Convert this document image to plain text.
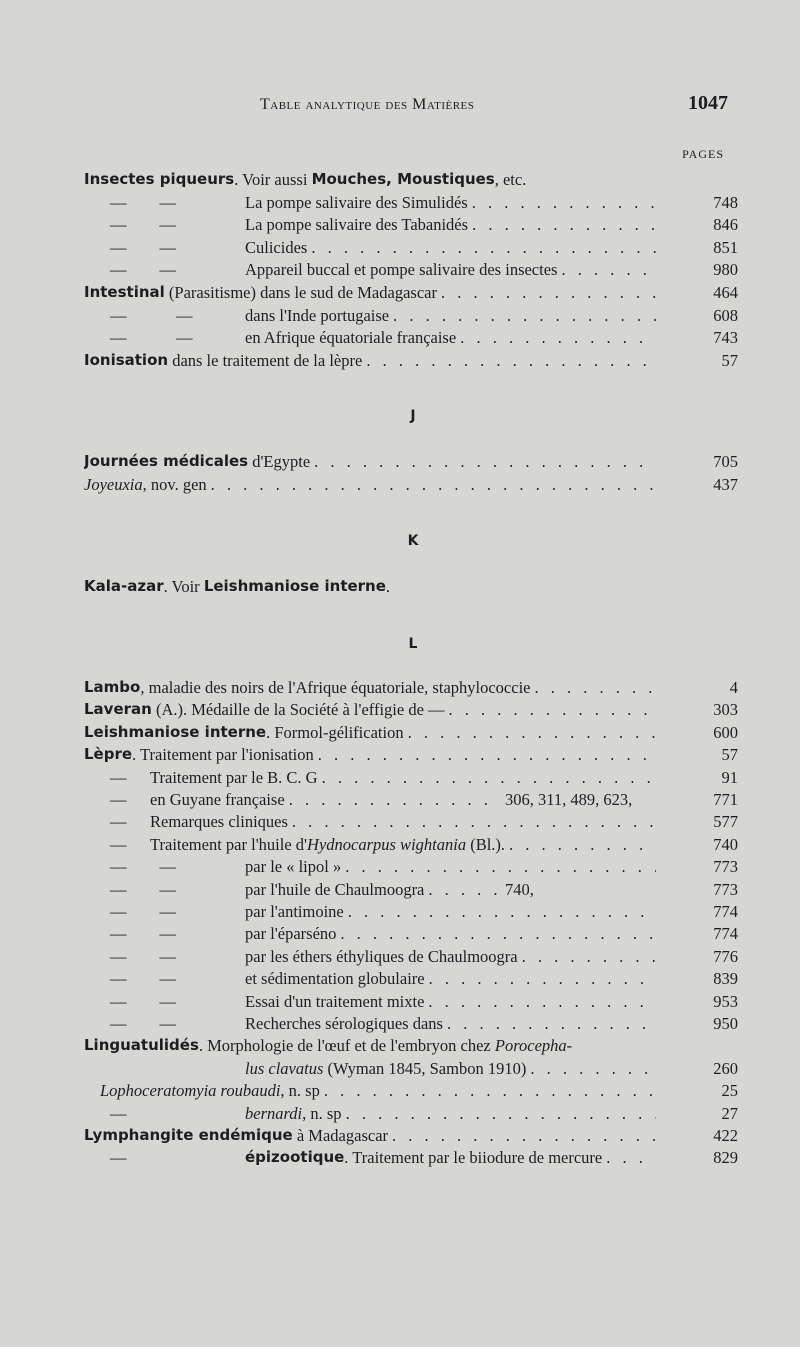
Table analytique des Matières	1047
PAGES
Insectes piqueurs . Voir aussi Mouches, Moustiques , etc.
—  —	La pompe salivaire des Simulidés . . .	748
—  —	La pompe salivaire des Tabanidés . . .	846
—  —	Culicides . . .	851
—  —	Appareil buccal et pompe salivaire des insectes . . .	980
Intestinal (Parasitisme) dans le sud de Madagascar . . .	464
—   —	dans l'Inde portugaise . . .	608
—   —	en Afrique équatoriale française . . .	743
Ionisation dans le traitement de la lèpre . . .	57
J
Journées médicales d'Egypte . . .	705
Joyeuxia , nov. gen . . .	437
K
Kala-azar . Voir Leishmaniose interne .
L
Lambo , maladie des noirs de l'Afrique équatoriale, staphylococcie . . .	4
Laveran (A.). Médaille de la Société à l'effigie de — . . .	303
Leishmaniose interne . Formol-gélification . . .	600
Lèpre . Traitement par l'ionisation . . .	57
— Traitement par le B. C. G . . .	91
— en Guyane française . . .	306, 311, 489, 623,	771
— Remarques cliniques . . .	577
— Traitement par l'huile d' Hydnocarpus wightania (Bl.). . . .	740
—  —	par le « lipol » . . .	773
—  —	par l'huile de Chaulmoogra . . .	740,	773
—  —	par l'antimoine . . .	774
—  —	par l'éparséno . . .	774
—  —	par les éthers éthyliques de Chaulmoogra . . .	776
—  —	et sédimentation globulaire . . .	839
—  —	Essai d'un traitement mixte . . .	953
—  —	Recherches sérologiques dans . . .	950
Linguatulidés . Morphologie de l'œuf et de l'embryon chez Porocepha-
lus clavatus (Wyman 1845, Sambon 1910) . . .	260
Lophoceratomyia roubaudi , n. sp . . .	25
—	bernardi , n. sp . . .	27
Lymphangite endémique à Madagascar . . .	422
—	épizootique . Traitement par le biiodure de mercure . . .	829
